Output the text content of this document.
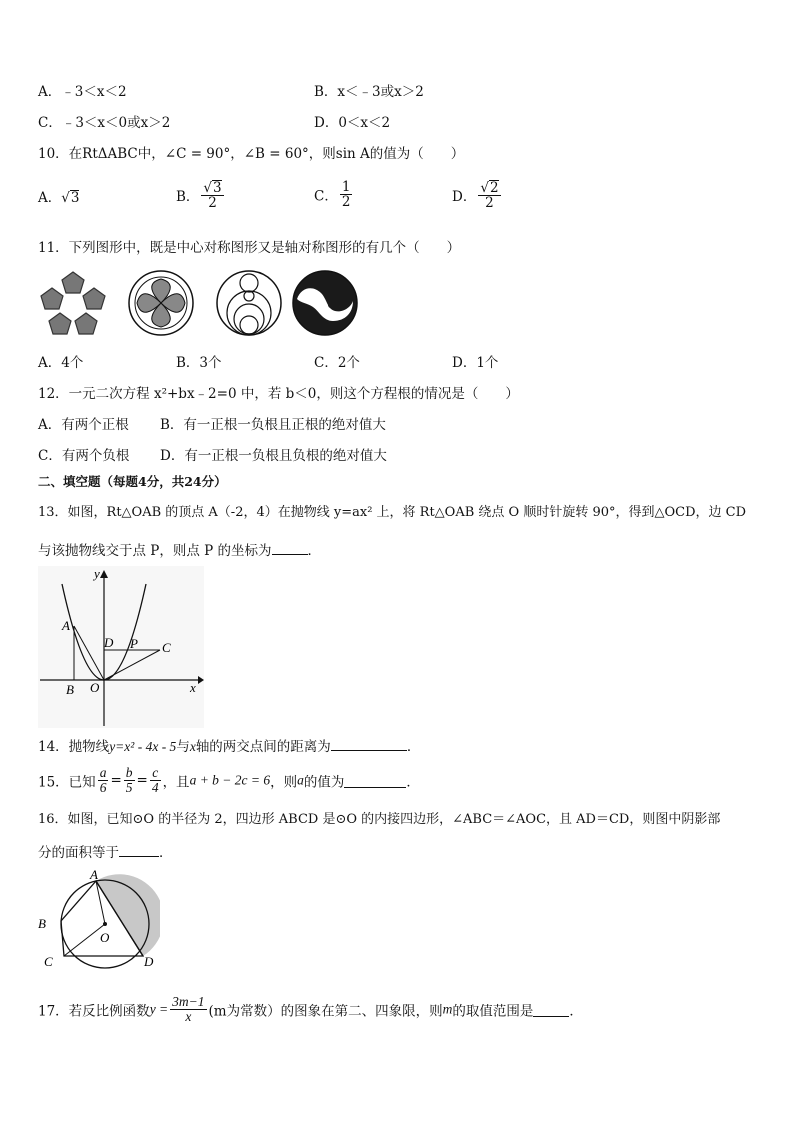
A．﹣3＜x＜2	B．x＜﹣3或x＞2
C．﹣3＜x＜0或x＞2	D．0＜x＜2
10．在RtΔABC中，∠C = 90°，∠B = 60°，则sin A的值为（　　）
A．√3	B． $\frac{√3}{2}$	C． $\frac{1}{2}$	D． $\frac{√2}{2}$
11．下列图形中，既是中心对称图形又是轴对称图形的有几个（　　）
A．4个	B．3个	C．2个	D．1个
12．一元二次方程 x²+bx﹣2=0 中，若 b＜0，则这个方程根的情况是（　　）
A．有两个正根 B．有一正根一负根且正根的绝对值大
C．有两个负根 D．有一正根一负根且负根的绝对值大
二、填空题（每题4分，共24分）
13．如图，Rt△OAB 的顶点 A（-2，4）在抛物线 y=ax² 上，将 Rt△OAB 绕点 O 顺时针旋转 90°，得到△OCD，边 CD
与该抛物线交于点 P，则点 P 的坐标为	．
y
x
A
B O
D P C
14．抛物线y=x² - 4x - 5与x轴的两交点间的距离为	．
15．已知 $\frac{a}{6} = \frac{b}{5} = \frac{c}{4}$ ，且a + b − 2c = 6，则a的值为	．
16．如图，已知⊙O 的半径为 2，四边形 ABCD 是⊙O 的内接四边形，∠ABC＝∠AOC，且 AD＝CD，则图中阴影部
分的面积等于	．
A
B
C	D
O
17．若反比例函数$y = \frac{3m-1}{x} (m$为常数）的图象在第二、四象限，则m的取值范围是	．
